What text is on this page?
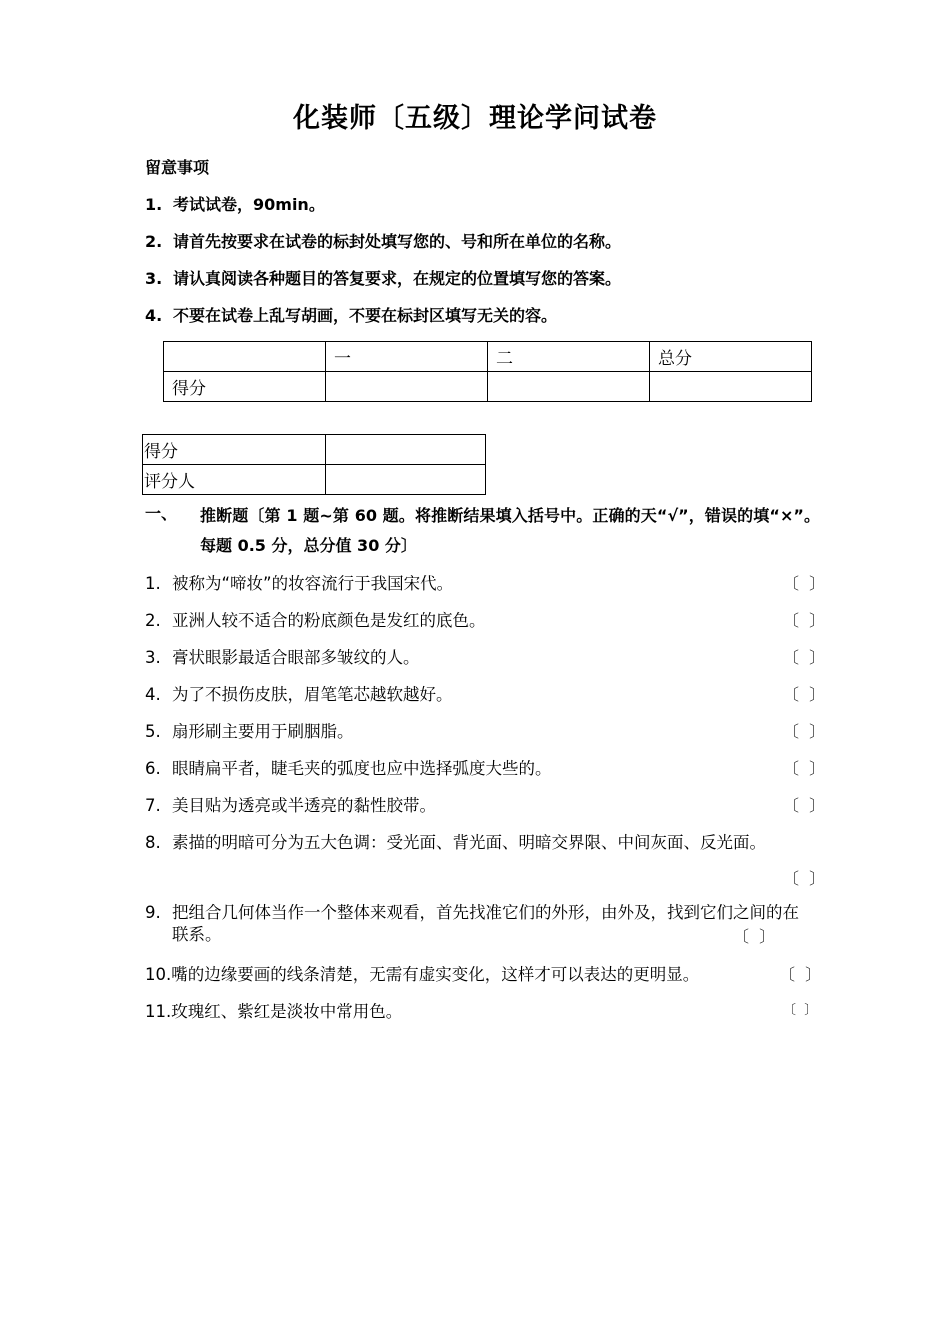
化装师〔五级〕理论学问试卷
留意事项
1. 考试试卷，90min。
2. 请首先按要求在试卷的标封处填写您的、号和所在单位的名称。
3. 请认真阅读各种题目的答复要求，在规定的位置填写您的答案。
4. 不要在试卷上乱写胡画，不要在标封区填写无关的容。
	一	二	总分
得分			
得分	
评分人	
一、 推断题〔第 1 题~第 60 题。将推断结果填入括号中。正确的天“√”，错误的填“×”。每题 0.5 分，总分值 30 分〕
1. 被称为“啼妆”的妆容流行于我国宋代。	〔  〕
2. 亚洲人较不适合的粉底颜色是发红的底色。	〔  〕
3. 膏状眼影最适合眼部多皱纹的人。	〔  〕
4. 为了不损伤皮肤，眉笔笔芯越软越好。	〔  〕
5. 扇形刷主要用于刷胭脂。	〔  〕
6. 眼睛扁平者，睫毛夹的弧度也应中选择弧度大些的。	〔  〕
7. 美目贴为透亮或半透亮的黏性胶带。	〔  〕
8. 素描的明暗可分为五大色调：受光面、背光面、明暗交界限、中间灰面、反光面。
〔  〕
9. 把组合几何体当作一个整体来观看，首先找准它们的外形，由外及，找到它们之间的在联系。	〔  〕
10.嘴的边缘要画的线条清楚，无需有虚实变化，这样才可以表达的更明显。	〔  〕
11.玫瑰红、紫红是淡妆中常用色。	〔  〕
